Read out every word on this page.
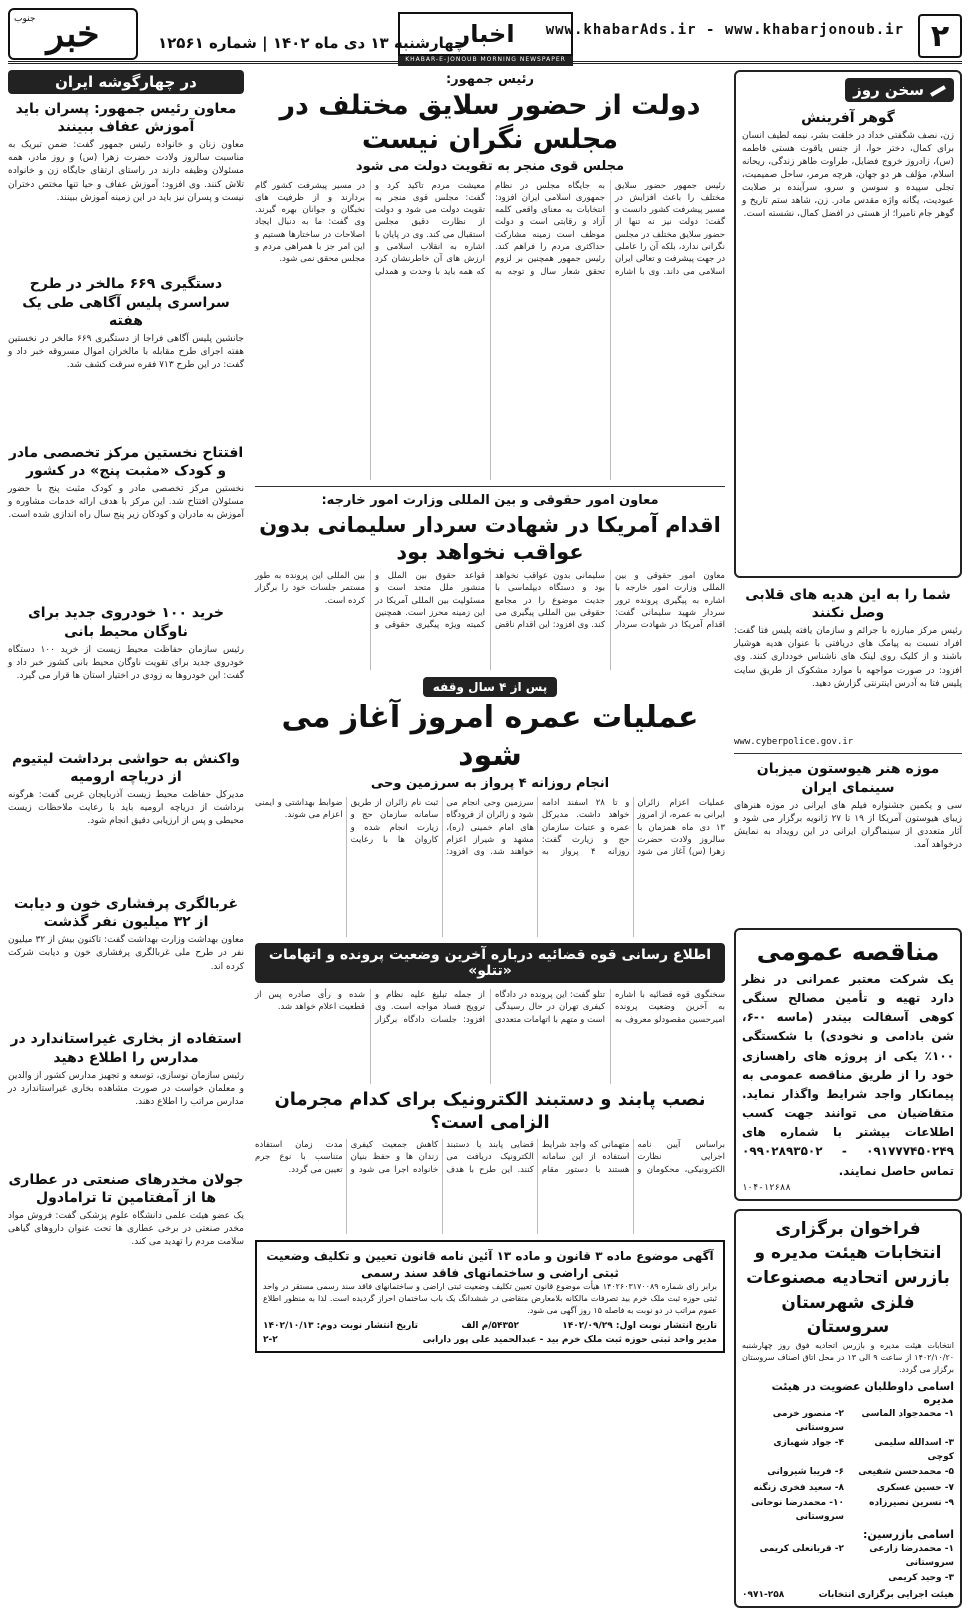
۲
www.khabarAds.ir - www.khabarjonoub.ir
اخبار
KHABAR-E-JONOUB MORNING NEWSPAPER
چهارشنبه ۱۳ دی ماه ۱۴۰۲ | شماره ۱۲۵۶۱
خبر
جنوب
سخن روز
گوهر آفرینش
زن، نصف شگفتی خداد در خلقت بشر، نیمه لطیف انسان برای کمال، دختر حوا، از جنس یاقوت هستی فاطمه (س)، زادروز خروج فضایل، طراوت طاهر زندگی، ریحانه اسلام، مؤلف هر دو جهان، هرچه مرمر، ساحل صمیمیت، تجلی سپیده و سوسن و سرو، سرآینده بر صلابت عبودیت، یگانه واژه مقدس مادر. زن، شاهد ستم تاریخ و گوهر جام نامیرا؛ از هستی در افضل کمال، نشسته است.
شما را به این هدیه های قلابی وصل نکنند
رئیس مرکز مبارزه با جرائم و سازمان یافته پلیس فتا گفت: افراد نسبت به پیامک های دریافتی با عنوان هدیه هوشیار باشند و از کلیک روی لینک های ناشناس خودداری کنند. وی افزود: در صورت مواجهه با موارد مشکوک از طریق سایت پلیس فتا به آدرس اینترنتی گزارش دهید.
www.cyberpolice.gov.ir
موزه هنر هیوستون میزبان سینمای ایران
سی و یکمین جشنواره فیلم های ایرانی در موزه هنرهای زیبای هیوستون آمریکا از ۱۹ تا ۲۷ ژانویه برگزار می شود و آثار متعددی از سینماگران ایرانی در این رویداد به نمایش درخواهد آمد.
مناقصه عمومی
یک شرکت معتبر عمرانی در نظر دارد تهیه و تأمین مصالح سنگی کوهی آسفالت بیندر (ماسه ۰-۶، شن بادامی و نخودی) با شکستگی ۱۰۰٪ یکی از پروژه های راهسازی خود را از طریق مناقصه عمومی به پیمانکار واجد شرایط واگذار نماید. متقاضیان می توانند جهت کسب اطلاعات بیشتر با شماره های ۰۹۱۷۷۷۴۵۰۲۴۹ - ۰۹۹۰۲۸۹۳۵۰۲ تماس حاصل نمایند.
۱۰۴-۱۲۶۸۸
فراخوان برگزاری انتخابات هیئت مدیره و بازرس اتحادیه مصنوعات فلزی شهرستان سروستان
انتخابات هیئت مدیره و بازرس اتحادیه فوق روز چهارشنبه ۱۴۰۲/۱۰/۲۰ از ساعت ۹ الی ۱۳ در محل اتاق اصناف سروستان برگزار می گردد.
اسامی داوطلبان عضویت در هیئت مدیره
۱- محمدجواد الماسی
۲- منصور خرمی سروستانی
۳- اسدالله سلیمی کوچی
۴- جواد شهبازی
۵- محمدحسن شفیعی
۶- فریبا شیروانی
۷- حسین عسکری
۸- سعید فخری زنگنه
۹- نسرین نصیرزاده
۱۰- محمدرضا نوحانی سروستانی
اسامی بازرسین:
۱- محمدرضا زارعی سروستانی
۲- قربانعلی کریمی
۳- وحید کریمی
هیئت اجرایی برگزاری انتخابات
۰۹۷۱-۲۵۸
رئیس جمهور:
دولت از حضور سلایق مختلف در مجلس نگران نیست
مجلس قوی منجر به تقویت دولت می شود
رئیس جمهور حضور سلایق مختلف را باعث افزایش در مسیر پیشرفت کشور دانست و گفت: دولت نیز نه تنها از حضور سلایق مختلف در مجلس نگرانی ندارد، بلکه آن را عاملی در جهت پیشرفت و تعالی ایران اسلامی می داند. وی با اشاره به جایگاه مجلس در نظام جمهوری اسلامی ایران افزود: انتخابات به معنای واقعی کلمه آزاد و رقابتی است و دولت موظف است زمینه مشارکت حداکثری مردم را فراهم کند. رئیس جمهور همچنین بر لزوم تحقق شعار سال و توجه به معیشت مردم تاکید کرد و گفت: مجلس قوی منجر به تقویت دولت می شود و دولت از نظارت دقیق مجلس استقبال می کند. وی در پایان با اشاره به انقلاب اسلامی و ارزش های آن خاطرنشان کرد که همه باید با وحدت و همدلی در مسیر پیشرفت کشور گام بردارند و از ظرفیت های نخبگان و جوانان بهره گیرند. وی گفت: ما به دنبال ایجاد اصلاحات در ساختارها هستیم و این امر جز با همراهی مردم و مجلس محقق نمی شود.
معاون امور حقوقی و بین المللی وزارت امور خارجه:
اقدام آمریکا در شهادت سردار سلیمانی بدون عواقب نخواهد بود
معاون امور حقوقی و بین المللی وزارت امور خارجه با اشاره به پیگیری پرونده ترور سردار شهید سلیمانی گفت: اقدام آمریکا در شهادت سردار سلیمانی بدون عواقب نخواهد بود و دستگاه دیپلماسی با جدیت موضوع را در مجامع حقوقی بین المللی پیگیری می کند. وی افزود: این اقدام ناقض قواعد حقوق بین الملل و منشور ملل متحد است و مسئولیت بین المللی آمریکا در این زمینه محرز است. همچنین کمیته ویژه پیگیری حقوقی و بین المللی این پرونده به طور مستمر جلسات خود را برگزار کرده است.
پس از ۴ سال وقفه
عملیات عمره امروز آغاز می شود
انجام روزانه ۴ پرواز به سرزمین وحی
عملیات اعزام زائران ایرانی به عمره، از امروز ۱۳ دی ماه همزمان با سالروز ولادت حضرت زهرا (س) آغاز می شود و تا ۲۸ اسفند ادامه خواهد داشت. مدیرکل عمره و عتبات سازمان حج و زیارت گفت: روزانه ۴ پرواز به سرزمین وحی انجام می شود و زائران از فرودگاه های امام خمینی (ره)، مشهد و شیراز اعزام خواهند شد. وی افزود: ثبت نام زائران از طریق سامانه سازمان حج و زیارت انجام شده و کاروان ها با رعایت ضوابط بهداشتی و ایمنی اعزام می شوند.
اطلاع رسانی قوه قضائیه درباره آخرین وضعیت پرونده و اتهامات «تتلو»
سخنگوی قوه قضائیه با اشاره به آخرین وضعیت پرونده امیرحسین مقصودلو معروف به تتلو گفت: این پرونده در دادگاه کیفری تهران در حال رسیدگی است و متهم با اتهامات متعددی از جمله تبلیغ علیه نظام و ترویج فساد مواجه است. وی افزود: جلسات دادگاه برگزار شده و رأی صادره پس از قطعیت اعلام خواهد شد.
نصب پابند و دستبند الکترونیک برای کدام مجرمان الزامی است؟
براساس آیین نامه اجرایی نظارت الکترونیکی، محکومان و متهمانی که واجد شرایط استفاده از این سامانه هستند با دستور مقام قضایی پابند یا دستبند الکترونیک دریافت می کنند. این طرح با هدف کاهش جمعیت کیفری زندان ها و حفظ بنیان خانواده اجرا می شود و مدت زمان استفاده متناسب با نوع جرم تعیین می گردد.
آگهی موضوع ماده ۳ قانون و ماده ۱۳ آئین نامه قانون تعیین و تکلیف وضعیت ثبتی اراضی و ساختمانهای فاقد سند رسمی
برابر رای شماره ۱۴۰۲۶۰۳۱۷۰۰۸۹ هیأت موضوع قانون تعیین تکلیف وضعیت ثبتی اراضی و ساختمانهای فاقد سند رسمی مستقر در واحد ثبتی حوزه ثبت ملک خرم بید تصرفات مالکانه بلامعارض متقاضی در ششدانگ یک باب ساختمان احراز گردیده است. لذا به منظور اطلاع عموم مراتب در دو نوبت به فاصله ۱۵ روز آگهی می شود.
تاریخ انتشار نوبت اول: ۱۴۰۲/۰۹/۲۹
۵۴۳۵۲/م الف
تاریخ انتشار نوبت دوم: ۱۴۰۲/۱۰/۱۳
مدیر واحد ثبتی حوزه ثبت ملک خرم بید - عبدالحمید علی پور دارابی
۲-۲
در چهارگوشه ایران
معاون رئیس جمهور: پسران باید آموزش عفاف ببینند
معاون زنان و خانواده رئیس جمهور گفت: ضمن تبریک به مناسبت سالروز ولادت حضرت زهرا (س) و روز مادر، همه مسئولان وظیفه دارند در راستای ارتقای جایگاه زن و خانواده تلاش کنند. وی افزود: آموزش عفاف و حیا تنها مختص دختران نیست و پسران نیز باید در این زمینه آموزش ببینند.
دستگیری ۶۶۹ مالخر در طرح سراسری پلیس آگاهی طی یک هفته
جانشین پلیس آگاهی فراجا از دستگیری ۶۶۹ مالخر در نخستین هفته اجرای طرح مقابله با مالخران اموال مسروقه خبر داد و گفت: در این طرح ۷۱۳ فقره سرقت کشف شد.
افتتاح نخستین مرکز تخصصی مادر و کودک «مثبت پنج» در کشور
نخستین مرکز تخصصی مادر و کودک مثبت پنج با حضور مسئولان افتتاح شد. این مرکز با هدف ارائه خدمات مشاوره و آموزش به مادران و کودکان زیر پنج سال راه اندازی شده است.
خرید ۱۰۰ خودروی جدید برای ناوگان محیط بانی
رئیس سازمان حفاظت محیط زیست از خرید ۱۰۰ دستگاه خودروی جدید برای تقویت ناوگان محیط بانی کشور خبر داد و گفت: این خودروها به زودی در اختیار استان ها قرار می گیرد.
واکنش به حواشی برداشت لیتیوم از دریاچه ارومیه
مدیرکل حفاظت محیط زیست آذربایجان غربی گفت: هرگونه برداشت از دریاچه ارومیه باید با رعایت ملاحظات زیست محیطی و پس از ارزیابی دقیق انجام شود.
غربالگری پرفشاری خون و دیابت از ۳۲ میلیون نفر گذشت
معاون بهداشت وزارت بهداشت گفت: تاکنون بیش از ۳۲ میلیون نفر در طرح ملی غربالگری پرفشاری خون و دیابت شرکت کرده اند.
استفاده از بخاری غیراستاندارد در مدارس را اطلاع دهید
رئیس سازمان نوسازی، توسعه و تجهیز مدارس کشور از والدین و معلمان خواست در صورت مشاهده بخاری غیراستاندارد در مدارس مراتب را اطلاع دهند.
جولان مخدرهای صنعتی در عطاری ها از آمفتامین تا ترامادول
یک عضو هیئت علمی دانشگاه علوم پزشکی گفت: فروش مواد مخدر صنعتی در برخی عطاری ها تحت عنوان داروهای گیاهی سلامت مردم را تهدید می کند.
